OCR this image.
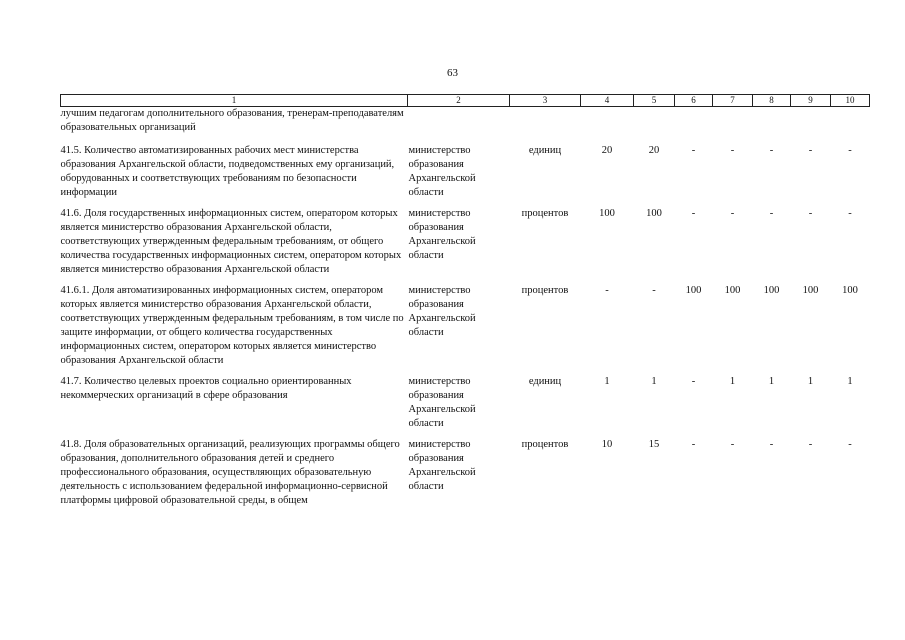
63
1	2	3	4	5	6	7	8	9	10
лучшим педагогам дополнительного образования, тренерам-преподавателям образовательных организаций									
41.5. Количество автоматизированных рабочих мест министерства образования Архангельской области, подведомственных ему организаций, оборудованных и соответствующих требованиям по безопасности информации	министерство образования Архангельской области	единиц	20	20	-	-	-	-	-
41.6. Доля государственных информационных систем, оператором которых является министерство образования Архангельской области, соответствующих утвержденным федеральным требованиям, от общего количества государственных информационных систем, оператором которых является министерство образования Архангельской области	министерство образования Архангельской области	процентов	100	100	-	-	-	-	-
41.6.1. Доля автоматизированных информационных систем, оператором которых является министерство образования Архангельской области, соответствующих утвержденным федеральным требованиям, в том числе по защите информации, от общего количества государственных информационных систем, оператором которых является министерство образования Архангельской области	министерство образования Архангельской области	процентов	-	-	100	100	100	100	100
41.7. Количество целевых проектов социально ориентированных некоммерческих организаций в сфере образования	министерство образования Архангельской области	единиц	1	1	-	1	1	1	1
41.8. Доля образовательных организаций, реализующих программы общего образования, дополнительного образования детей и среднего профессионального образования, осуществляющих образовательную деятельность с использованием федеральной информационно-сервисной платформы цифровой образовательной среды, в общем	министерство образования Архангельской области	процентов	10	15	-	-	-	-	-
